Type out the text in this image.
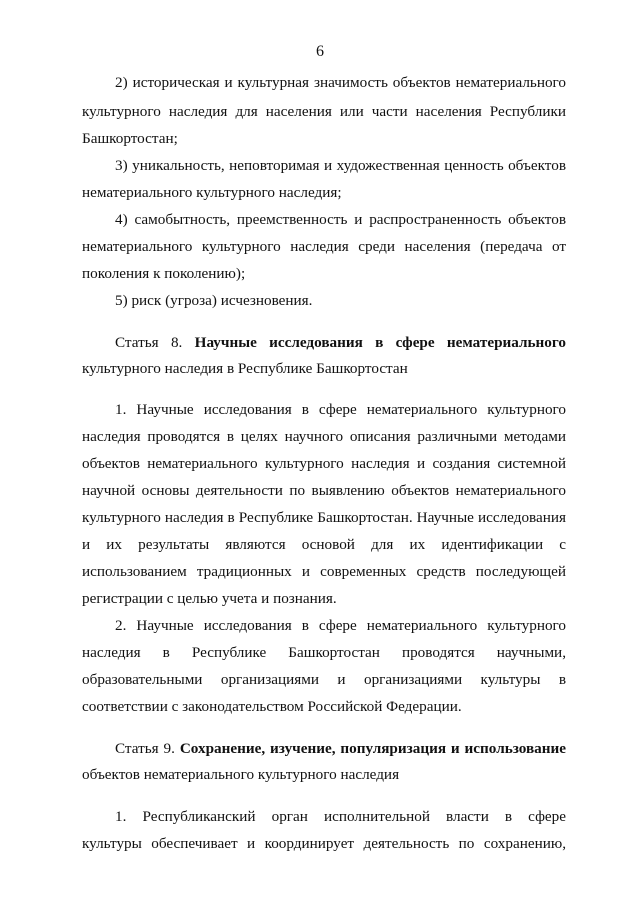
6
2) историческая и культурная значимость объектов нематериального
культурного наследия для населения или части населения Республики
Башкортостан;
3) уникальность, неповторимая и художественная ценность объектов
нематериального культурного наследия;
4) самобытность, преемственность и распространенность объектов
нематериального культурного наследия среди населения (передача от
поколения к поколению);
5) риск (угроза) исчезновения.
Статья 8. Научные исследования в сфере нематериального
культурного наследия в Республике Башкортостан
1. Научные исследования в сфере нематериального культурного
наследия проводятся в целях научного описания различными методами
объектов нематериального культурного наследия и создания системной
научной основы деятельности по выявлению объектов нематериального
культурного наследия в Республике Башкортостан. Научные исследования
и их результаты являются основой для их идентификации с
использованием традиционных и современных средств последующей
регистрации с целью учета и познания.
2. Научные исследования в сфере нематериального культурного
наследия в Республике Башкортостан проводятся научными,
образовательными организациями и организациями культуры в
соответствии с законодательством Российской Федерации.
Статья 9. Сохранение, изучение, популяризация и использование
объектов нематериального культурного наследия
1. Республиканский орган исполнительной власти в сфере
культуры обеспечивает и координирует деятельность по сохранению,
